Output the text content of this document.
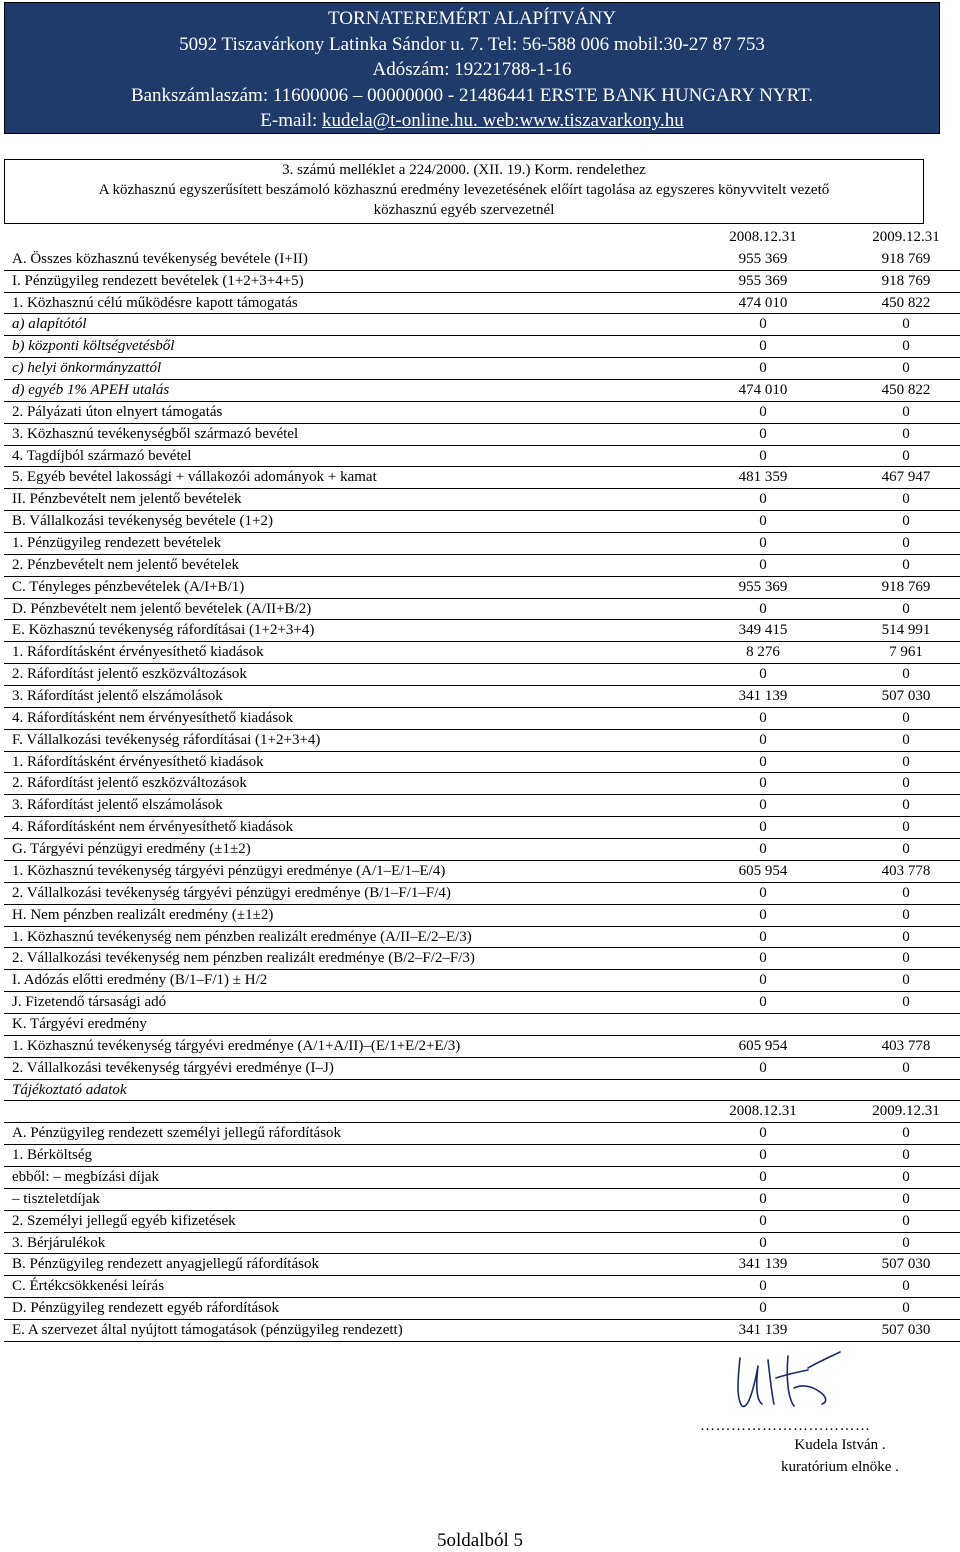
TORNATEREMÉRT ALAPÍTVÁNY
5092 Tiszavárkony Latinka Sándor u. 7. Tel: 56-588 006 mobil:30-27 87 753
Adószám: 19221788-1-16
Bankszámlaszám: 11600006 – 00000000 - 21486441 ERSTE BANK HUNGARY NYRT.
E-mail: kudela@t-online.hu. web:www.tiszavarkony.hu
3. számú melléklet a 224/2000. (XII. 19.) Korm. rendelethez
A közhasznú egyszerűsített beszámoló közhasznú eredmény levezetésének előírt tagolása az egyszeres könyvvitelt vezető
közhasznú egyéb szervezetnél
2008.12.31	2009.12.31
A. Összes közhasznú tevékenység bevétele (I+II)	955 369	918 769
I. Pénzügyileg rendezett bevételek (1+2+3+4+5)	955 369	918 769
1. Közhasznú célú működésre kapott támogatás	474 010	450 822
a) alapítótól	0	0
b) központi költségvetésből	0	0
c) helyi önkormányzattól	0	0
d) egyéb 1% APEH utalás	474 010	450 822
2. Pályázati úton elnyert támogatás	0	0
3. Közhasznú tevékenységből származó bevétel	0	0
4. Tagdíjból származó bevétel	0	0
5. Egyéb bevétel lakossági + vállakozói adományok + kamat	481 359	467 947
II. Pénzbevételt nem jelentő bevételek	0	0
B. Vállalkozási tevékenység bevétele (1+2)	0	0
1. Pénzügyileg rendezett bevételek	0	0
2. Pénzbevételt nem jelentő bevételek	0	0
C. Tényleges pénzbevételek (A/I+B/1)	955 369	918 769
D. Pénzbevételt nem jelentő bevételek (A/II+B/2)	0	0
E. Közhasznú tevékenység ráfordításai (1+2+3+4)	349 415	514 991
1. Ráfordításként érvényesíthető kiadások	8 276	7 961
2. Ráfordítást jelentő eszközváltozások	0	0
3. Ráfordítást jelentő elszámolások	341 139	507 030
4. Ráfordításként nem érvényesíthető kiadások	0	0
F. Vállalkozási tevékenység ráfordításai (1+2+3+4)	0	0
1. Ráfordításként érvényesíthető kiadások	0	0
2. Ráfordítást jelentő eszközváltozások	0	0
3. Ráfordítást jelentő elszámolások	0	0
4. Ráfordításként nem érvényesíthető kiadások	0	0
G. Tárgyévi pénzügyi eredmény (±1±2)	0	0
1. Közhasznú tevékenység tárgyévi pénzügyi eredménye (A/1–E/1–E/4)	605 954	403 778
2. Vállalkozási tevékenység tárgyévi pénzügyi eredménye (B/1–F/1–F/4)	0	0
H. Nem pénzben realizált eredmény (±1±2)	0	0
1. Közhasznú tevékenység nem pénzben realizált eredménye (A/II–E/2–E/3)	0	0
2. Vállalkozási tevékenység nem pénzben realizált eredménye (B/2–F/2–F/3)	0	0
I. Adózás előtti eredmény (B/1–F/1) ± H/2	0	0
J. Fizetendő társasági adó	0	0
K. Tárgyévi eredmény
1. Közhasznú tevékenység tárgyévi eredménye (A/1+A/II)–(E/1+E/2+E/3)	605 954	403 778
2. Vállalkozási tevékenység tárgyévi eredménye (I–J)	0	0
Tájékoztató adatok
2008.12.31	2009.12.31
A. Pénzügyileg rendezett személyi jellegű ráfordítások	0	0
1. Bérköltség	0	0
ebből: – megbízási díjak	0	0
– tiszteletdíjak	0	0
2. Személyi jellegű egyéb kifizetések	0	0
3. Bérjárulékok	0	0
B. Pénzügyileg rendezett anyagjellegű ráfordítások	341 139	507 030
C. Értékcsökkenési leírás	0	0
D. Pénzügyileg rendezett egyéb ráfordítások	0	0
E. A szervezet által nyújtott támogatások (pénzügyileg rendezett)	341 139	507 030
……………………………
Kudela István .
kuratórium elnöke .
5oldalból 5
